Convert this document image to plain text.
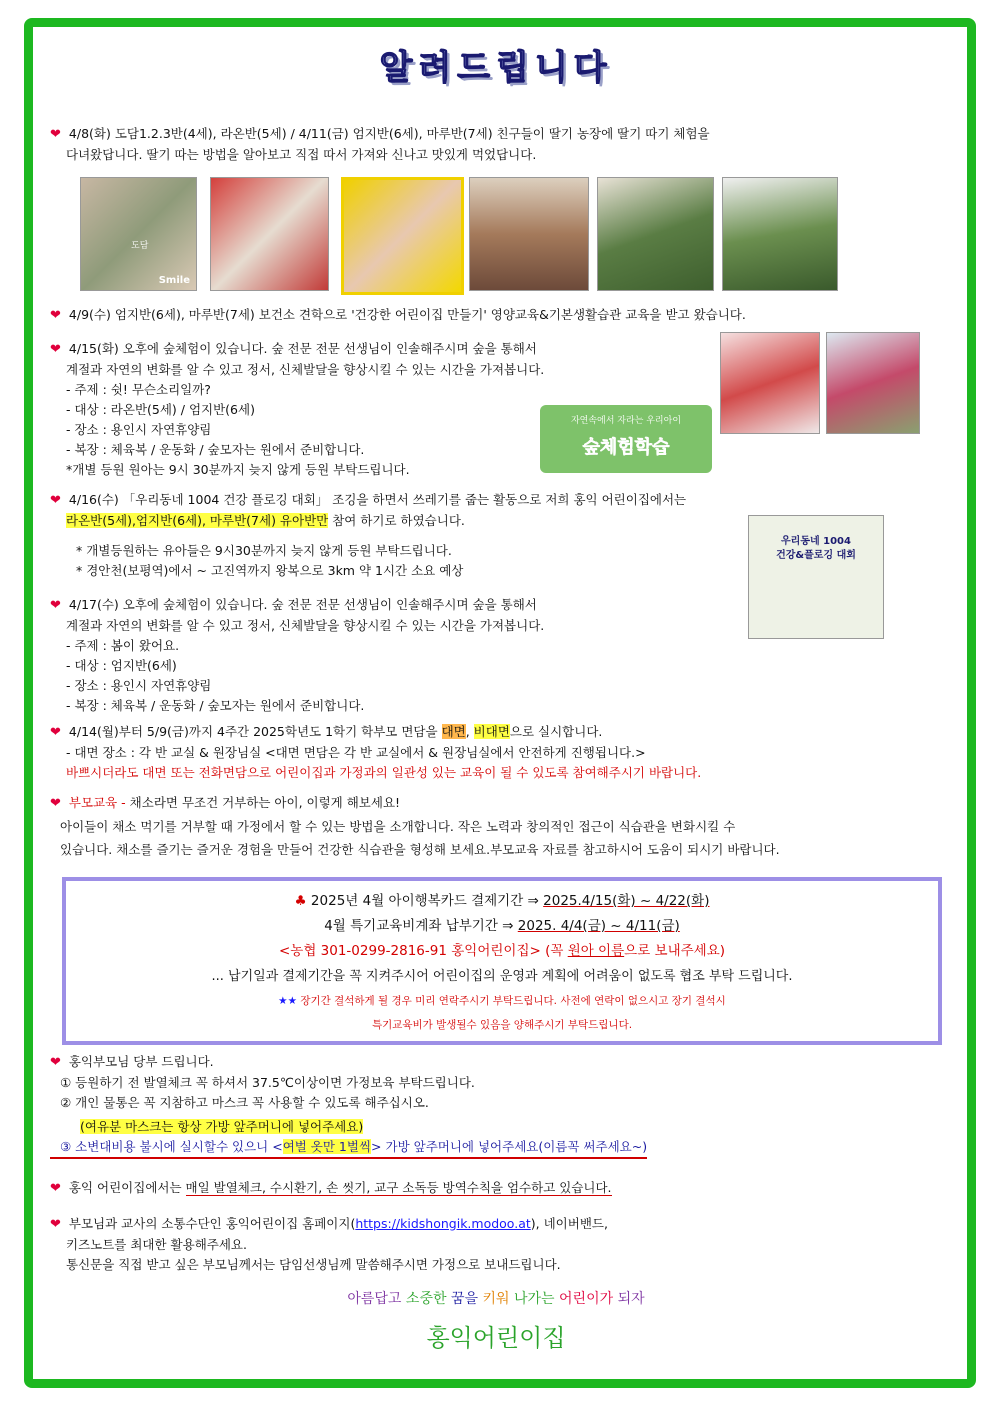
알려드립니다
❤ 4/8(화) 도담1.2.3반(4세), 라온반(5세) / 4/11(금) 엄지반(6세), 마루반(7세) 친구들이 딸기 농장에 딸기 따기 체험을
다녀왔답니다. 딸기 따는 방법을 알아보고 직접 따서 가져와 신나고 맛있게 먹었답니다.
도담
Smile
❤ 4/9(수) 엄지반(6세), 마루반(7세) 보건소 견학으로 '건강한 어린이집 만들기' 영양교육&기본생활습관 교육을 받고 왔습니다.
❤ 4/15(화) 오후에 숲체험이 있습니다. 숲 전문 전문 선생님이 인솔해주시며 숲을 통해서
계절과 자연의 변화를 알 수 있고 정서, 신체발달을 향상시킬 수 있는 시간을 가져봅니다.
- 주제 : 쉿! 무슨소리일까?
- 대상 : 라온반(5세) / 엄지반(6세)
- 장소 : 용인시 자연휴양림
- 복장 : 체육복 / 운동화 / 숲모자는 원에서 준비합니다.
*개별 등원 원아는 9시 30분까지 늦지 않게 등원 부탁드립니다.
자연속에서 자라는 우리아이
숲체험학습
❤ 4/16(수) 「우리동네 1004 건강 플로깅 대회」 조깅을 하면서 쓰레기를 줍는 활동으로 저희 홍익 어린이집에서는
라온반(5세),엄지반(6세), 마루반(7세) 유아반만 참여 하기로 하였습니다.
* 개별등원하는 유아들은 9시30분까지 늦지 않게 등원 부탁드립니다.
* 경안천(보평역)에서 ~ 고진역까지 왕복으로 3km 약 1시간 소요 예상
우리동네 1004
건강&플로깅 대회
❤ 4/17(수) 오후에 숲체험이 있습니다. 숲 전문 전문 선생님이 인솔해주시며 숲을 통해서
계절과 자연의 변화를 알 수 있고 정서, 신체발달을 향상시킬 수 있는 시간을 가져봅니다.
- 주제 : 봄이 왔어요.
- 대상 : 엄지반(6세)
- 장소 : 용인시 자연휴양림
- 복장 : 체육복 / 운동화 / 숲모자는 원에서 준비합니다.
❤ 4/14(월)부터 5/9(금)까지 4주간 2025학년도 1학기 학부모 면담을 대면, 비대면으로 실시합니다.
- 대면 장소 : 각 반 교실 & 원장님실 <대면 면담은 각 반 교실에서 & 원장님실에서 안전하게 진행됩니다.>
바쁘시더라도 대면 또는 전화면담으로 어린이집과 가정과의 일관성 있는 교육이 될 수 있도록 참여해주시기 바랍니다.
❤ 부모교육 - 채소라면 무조건 거부하는 아이, 이렇게 해보세요!
아이들이 채소 먹기를 거부할 때 가정에서 할 수 있는 방법을 소개합니다. 작은 노력과 창의적인 접근이 식습관을 변화시킬 수
있습니다. 채소를 즐기는 즐거운 경험을 만들어 건강한 식습관을 형성해 보세요.부모교육 자료를 참고하시어 도움이 되시기 바랍니다.
♣ 2025년 4월 아이행복카드 결제기간 ⇒ 2025.4/15(화) ~ 4/22(화)
4월 특기교육비계좌 납부기간 ⇒ 2025. 4/4(금) ~ 4/11(금)
<농협 301-0299-2816-91 홍익어린이집> (꼭 원아 이름으로 보내주세요)
... 납기일과 결제기간을 꼭 지켜주시어 어린이집의 운영과 계획에 어려움이 없도록 협조 부탁 드립니다.
★★ 장기간 결석하게 될 경우 미리 연락주시기 부탁드립니다. 사전에 연락이 없으시고 장기 결석시
특기교육비가 발생될수 있음을 양해주시기 부탁드립니다.
❤ 홍익부모님 당부 드립니다.
① 등원하기 전 발열체크 꼭 하셔서 37.5℃이상이면 가정보육 부탁드립니다.
② 개인 물통은 꼭 지참하고 마스크 꼭 사용할 수 있도록 해주십시오.
(여유분 마스크는 항상 가방 앞주머니에 넣어주세요)
③ 소변대비용 불시에 실시할수 있으니 <여벌 옷만 1벌씩> 가방 앞주머니에 넣어주세요(이름꼭 써주세요~)
❤ 홍익 어린이집에서는 매일 발열체크, 수시환기, 손 씻기, 교구 소독등 방역수칙을 엄수하고 있습니다.
❤ 부모님과 교사의 소통수단인 홍익어린이집 홈페이지(https://kidshongik.modoo.at), 네이버밴드,
키즈노트를 최대한 활용해주세요.
통신문을 직접 받고 싶은 부모님께서는 담임선생님께 말씀해주시면 가정으로 보내드립니다.
아름답고 소중한 꿈을 키워 나가는 어린이가 되자
홍익어린이집
